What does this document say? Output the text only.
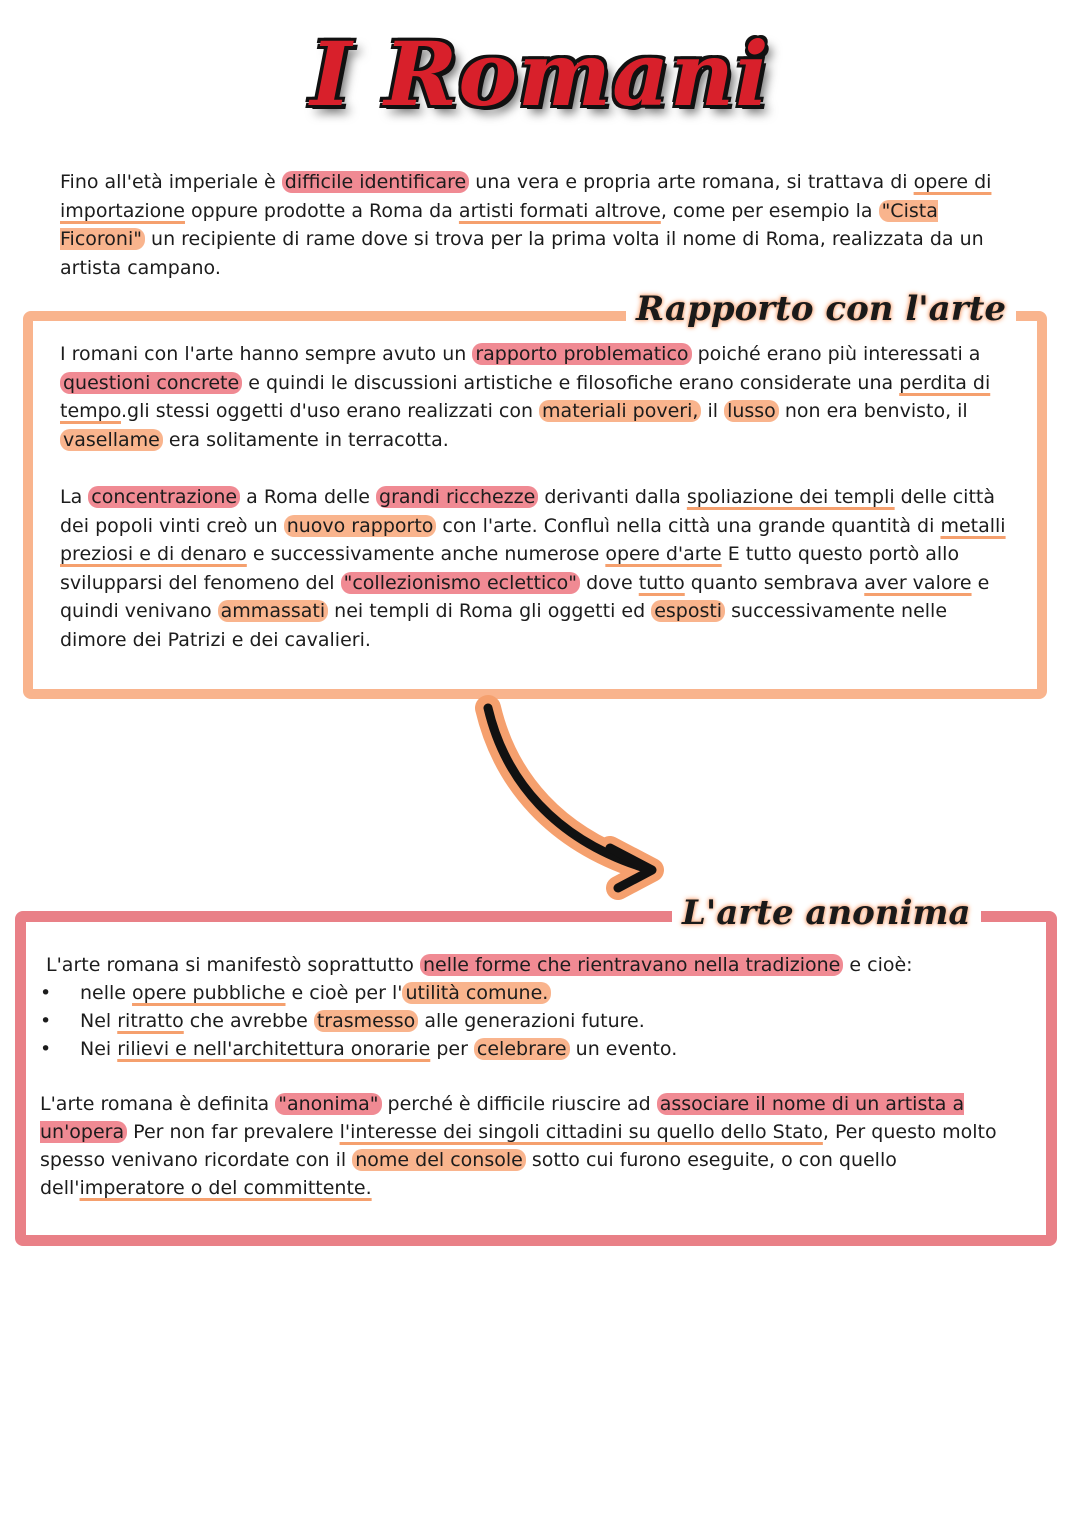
I Romani

Fino all'età imperiale è difficile identificare una vera e propria arte romana, si trattava di opere di importazione oppure prodotte a Roma da artisti formati altrove, come per esempio la "Cista Ficoroni" un recipiente di rame dove si trova per la prima volta il nome di Roma, realizzata da un artista campano.

Rapporto con l'arte

I romani con l'arte hanno sempre avuto un rapporto problematico poiché erano più interessati a questioni concrete e quindi le discussioni artistiche e filosofiche erano considerate una perdita di tempo.gli stessi oggetti d'uso erano realizzati con materiali poveri, il lusso non era benvisto, il vasellame era solitamente in terracotta.

La concentrazione a Roma delle grandi ricchezze derivanti dalla spoliazione dei templi delle città dei popoli vinti creò un nuovo rapporto con l'arte. Confluì nella città una grande quantità di metalli preziosi e di denaro e successivamente anche numerose opere d'arte E tutto questo portò allo svilupparsi del fenomeno del "collezionismo eclettico" dove tutto quanto sembrava aver valore e quindi venivano ammassati nei templi di Roma gli oggetti ed esposti successivamente nelle dimore dei Patrizi e dei cavalieri.

L'arte anonima

L'arte romana si manifestò soprattutto nelle forme che rientravano nella tradizione e cioè:

• nelle opere pubbliche e cioè per l' utilità comune.
• Nel ritratto che avrebbe trasmesso alle generazioni future.
• Nei rilievi e nell'architettura onorarie per celebrare un evento.

L'arte romana è definita "anonima" perché è difficile riuscire ad associare il nome di un artista a un'opera Per non far prevalere l'interesse dei singoli cittadini su quello dello Stato, Per questo molto spesso venivano ricordate con il nome del console sotto cui furono eseguite, o con quello dell'imperatore o del committente.
